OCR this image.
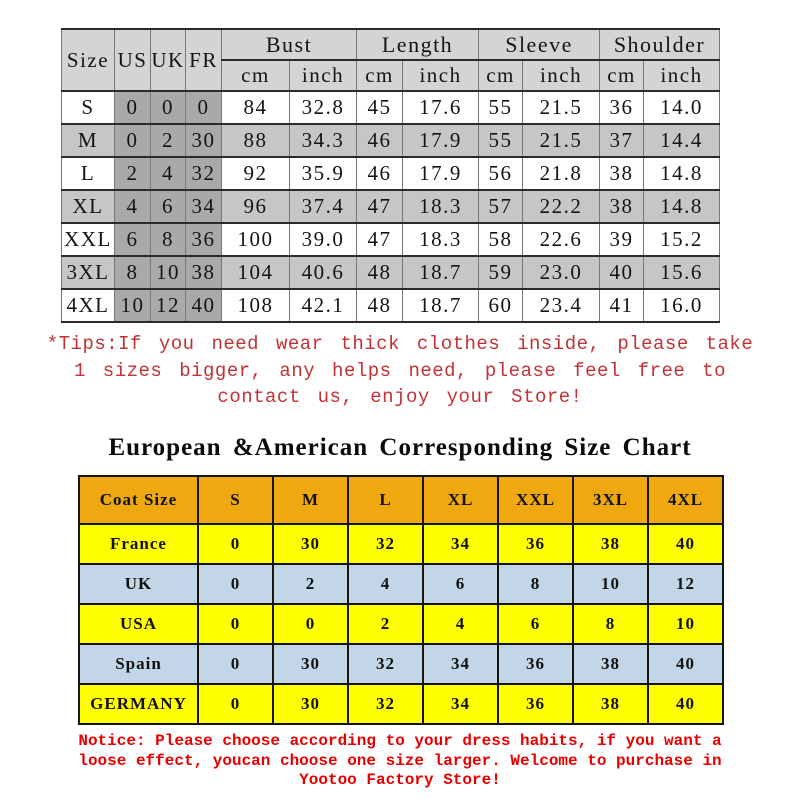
Size	US	UK	FR	Bust		Length		Sleeve		Shoulder	
				cm	inch	cm	inch	cm	inch	cm	inch
S	0	0	0	84	32.8	45	17.6	55	21.5	36	14.0
M	0	2	30	88	34.3	46	17.9	55	21.5	37	14.4
L	2	4	32	92	35.9	46	17.9	56	21.8	38	14.8
XL	4	6	34	96	37.4	47	18.3	57	22.2	38	14.8
XXL	6	8	36	100	39.0	47	18.3	58	22.6	39	15.2
3XL	8	10	38	104	40.6	48	18.7	59	23.0	40	15.6
4XL	10	12	40	108	42.1	48	18.7	60	23.4	41	16.0
*Tips:If you need wear thick clothes inside, please take
1 sizes bigger, any helps need, please feel free to
contact us, enjoy your Store!
European &American Corresponding Size Chart
Coat Size	S	M	L	XL	XXL	3XL	4XL
France	0	30	32	34	36	38	40
UK	0	2	4	6	8	10	12
USA	0	0	2	4	6	8	10
Spain	0	30	32	34	36	38	40
GERMANY	0	30	32	34	36	38	40
Notice: Please choose according to your dress habits, if you want a
loose effect, youcan choose one size larger. Welcome to purchase in
Yootoo Factory Store!
